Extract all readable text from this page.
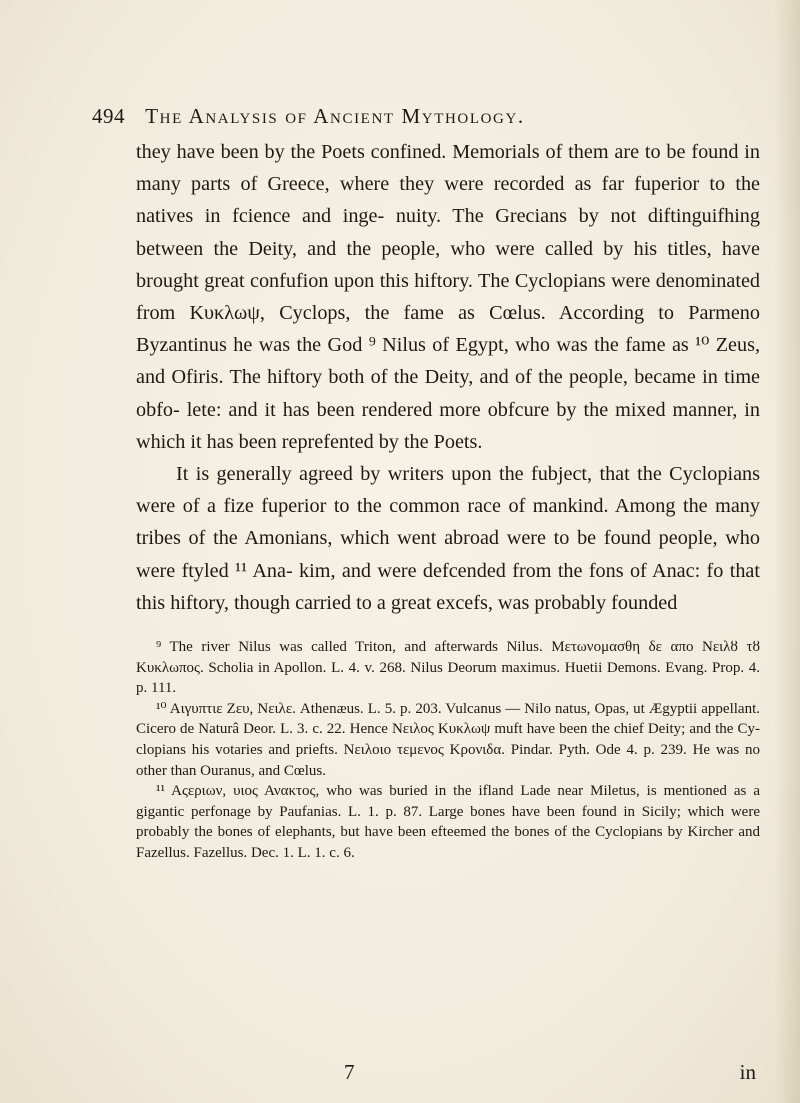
494 The Analysis of Ancient Mythology.

they have been by the Poets confined. Memorials of them are to be found in many parts of Greece, where they were recorded as far fuperior to the natives in fcience and inge- nuity. The Grecians by not diftinguifhing between the Deity, and the people, who were called by his titles, have brought great confufion upon this hiftory. The Cyclopians were denominated from Κυκλωψ, Cyclops, the fame as Cœlus. According to Parmeno Byzantinus he was the God ⁹ Nilus of Egypt, who was the fame as ¹⁰ Zeus, and Ofiris. The hiftory both of the Deity, and of the people, became in time obfo- lete: and it has been rendered more obfcure by the mixed manner, in which it has been reprefented by the Poets.

It is generally agreed by writers upon the fubject, that the Cyclopians were of a fize fuperior to the common race of mankind. Among the many tribes of the Amonians, which went abroad were to be found people, who were ftyled ¹¹ Ana- kim, and were defcended from the fons of Anac: fo that this hiftory, though carried to a great excefs, was probably founded

⁹ The river Nilus was called Triton, and afterwards Nilus. Μετωνομασθη δε απο Νειλȣ τȣ Κυκλωπος. Scholia in Apollon. L. 4. v. 268. Nilus Deorum maximus. Huetii Demons. Evang. Prop. 4. p. 111.

¹⁰ Αιγυπτιε Ζευ, Νειλε. Athenæus. L. 5. p. 203. Vulcanus — Nilo natus, Opas, ut Ægyptii appellant. Cicero de Naturâ Deor. L. 3. c. 22. Hence Νειλος Κυκλωψ muft have been the chief Deity; and the Cy- clopians his votaries and priefts. Νειλοιο τεμενος Κρονιδα. Pindar. Pyth. Ode 4. p. 239. He was no other than Ouranus, and Cœlus.

¹¹ Αςεριων, υιος Ανακτος, who was buried in the ifland Lade near Miletus, is mentioned as a gigantic perfonage by Paufanias. L. 1. p. 87. Large bones have been found in Sicily; which were probably the bones of elephants, but have been efteemed the bones of the Cyclopians by Kircher and Fazellus. Fazellus. Dec. 1. L. 1. c. 6.

7	in
